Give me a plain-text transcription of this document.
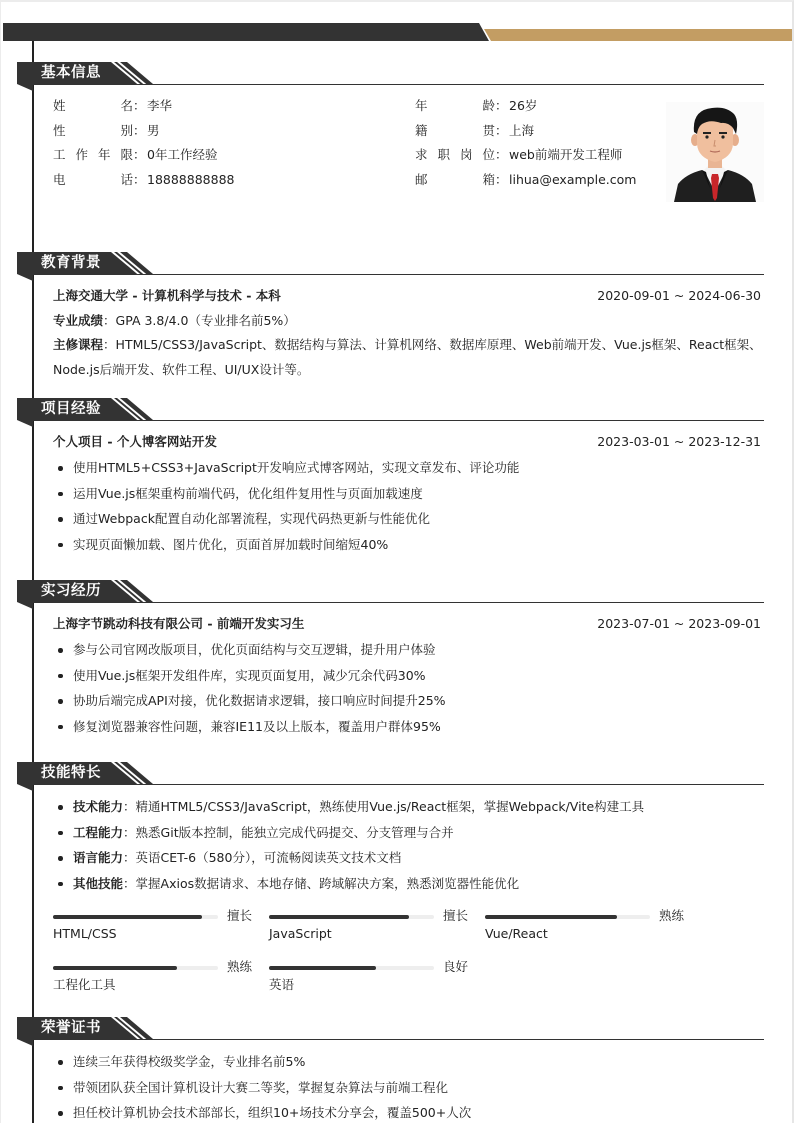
基本信息
姓名：李华
性别：男
工作年限：0年工作经验
电话：18888888888
年龄：26岁
籍贯：上海
求职岗位：web前端开发工程师
邮箱：lihua@example.com
教育背景
上海交通大学 - 计算机科学与技术 - 本科	2020-09-01 ~ 2024-06-30
专业成绩：GPA 3.8/4.0（专业排名前5%）
主修课程：HTML5/CSS3/JavaScript、数据结构与算法、计算机网络、数据库原理、Web前端开发、Vue.js框架、React框架、Node.js后端开发、软件工程、UI/UX设计等。
项目经验
个人项目 - 个人博客网站开发	2023-03-01 ~ 2023-12-31
使用HTML5+CSS3+JavaScript开发响应式博客网站，实现文章发布、评论功能
运用Vue.js框架重构前端代码，优化组件复用性与页面加载速度
通过Webpack配置自动化部署流程，实现代码热更新与性能优化
实现页面懒加载、图片优化，页面首屏加载时间缩短40%
实习经历
上海字节跳动科技有限公司 - 前端开发实习生	2023-07-01 ~ 2023-09-01
参与公司官网改版项目，优化页面结构与交互逻辑，提升用户体验
使用Vue.js框架开发组件库，实现页面复用，减少冗余代码30%
协助后端完成API对接，优化数据请求逻辑，接口响应时间提升25%
修复浏览器兼容性问题，兼容IE11及以上版本，覆盖用户群体95%
技能特长
技术能力：精通HTML5/CSS3/JavaScript，熟练使用Vue.js/React框架，掌握Webpack/Vite构建工具
工程能力：熟悉Git版本控制，能独立完成代码提交、分支管理与合并
语言能力：英语CET-6（580分），可流畅阅读英文技术文档
其他技能：掌握Axios数据请求、本地存储、跨域解决方案，熟悉浏览器性能优化
擅长
HTML/CSS
擅长
JavaScript
熟练
Vue/React
熟练
工程化工具
良好
英语
荣誉证书
连续三年获得校级奖学金，专业排名前5%
带领团队获全国计算机设计大赛二等奖，掌握复杂算法与前端工程化
担任校计算机协会技术部部长，组织10+场技术分享会，覆盖500+人次
